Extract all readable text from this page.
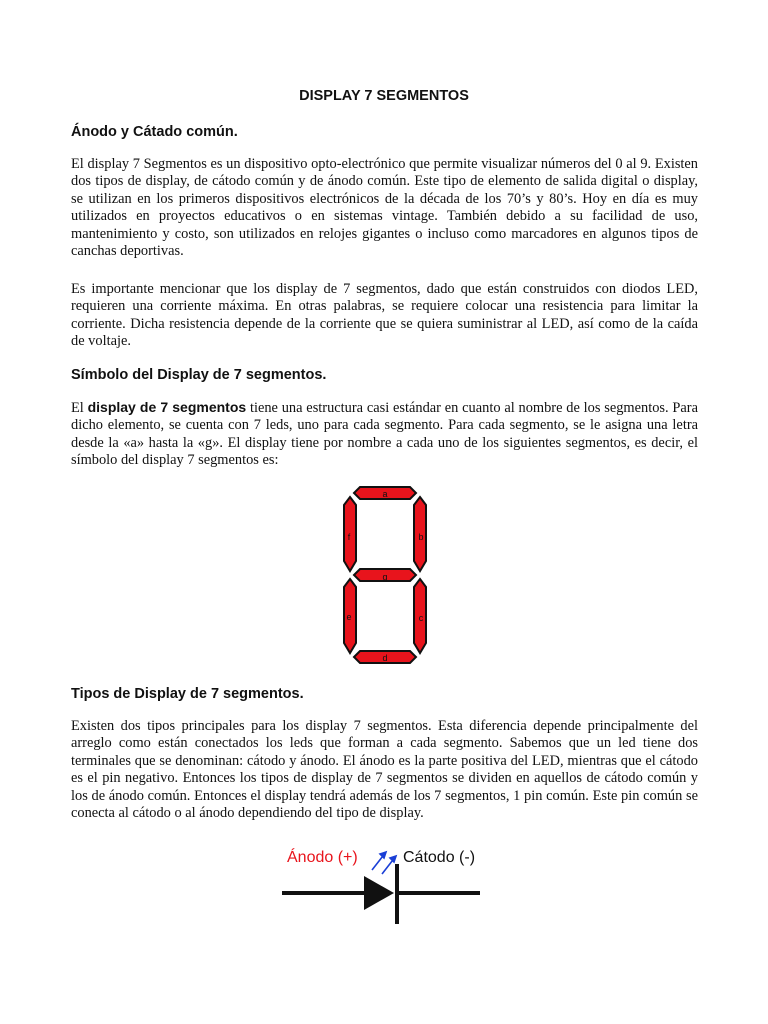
DISPLAY 7 SEGMENTOS
Ánodo y Cátado común.

El display 7 Segmentos es un dispositivo opto-electrónico que permite visualizar números del 0 al 9. Existen dos tipos de display, de cátodo común y de ánodo común. Este tipo de elemento de salida digital o display, se utilizan en los primeros dispositivos electrónicos de la década de los 70’s y 80’s. Hoy en día es muy utilizados en proyectos educativos o en sistemas vintage. También debido a su facilidad de uso, mantenimiento y costo, son utilizados en relojes gigantes o incluso como marcadores en algunos tipos de canchas deportivas.

Es importante mencionar que los display de 7 segmentos, dado que están construidos con diodos LED, requieren una corriente máxima. En otras palabras, se requiere colocar una resistencia para limitar la corriente. Dicha resistencia depende de la corriente que se quiera suministrar al LED, así como de la caída de voltaje.

Símbolo del Display de 7 segmentos.

El display de 7 segmentos tiene una estructura casi estándar en cuanto al nombre de los segmentos. Para dicho elemento, se cuenta con 7 leds, uno para cada segmento. Para cada segmento, se le asigna una letra desde la «a» hasta la «g». El display tiene por nombre a cada uno de los siguientes segmentos, es decir, el símbolo del display 7 segmentos es:

a
b
f
g
c
e
d
Tipos de Display de 7 segmentos.

Existen dos tipos principales para los display 7 segmentos. Esta diferencia depende principalmente del arreglo como están conectados los leds que forman a cada segmento. Sabemos que un led tiene dos terminales que se denominan: cátodo y ánodo. El ánodo es la parte positiva del LED, mientras que el cátodo es el pin negativo. Entonces los tipos de display de 7 segmentos se dividen en aquellos de cátodo común y los de ánodo común. Entonces el display tendrá además de los 7 segmentos, 1 pin común. Este pin común se conecta al cátodo o al ánodo dependiendo del tipo de display.

Ánodo (+)	Cátodo (-)
